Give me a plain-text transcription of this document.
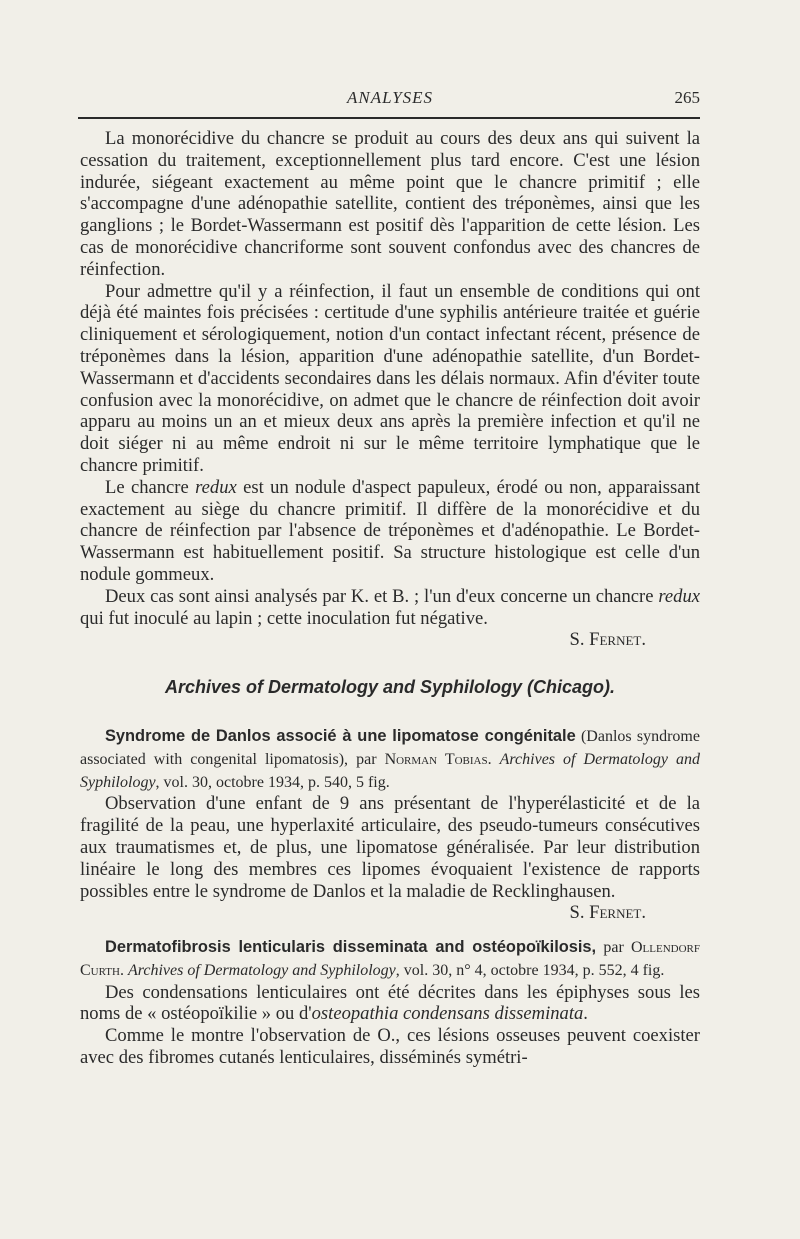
ANALYSES	265

La monorécidive du chancre se produit au cours des deux ans qui suivent la cessation du traitement, exceptionnellement plus tard encore. C'est une lésion indurée, siégeant exactement au même point que le chancre primitif ; elle s'accompagne d'une adénopathie satellite, contient des tréponèmes, ainsi que les ganglions ; le Bordet-Wassermann est positif dès l'apparition de cette lésion. Les cas de monorécidive chancriforme sont souvent confondus avec des chancres de réinfection.

Pour admettre qu'il y a réinfection, il faut un ensemble de conditions qui ont déjà été maintes fois précisées : certitude d'une syphilis antérieure traitée et guérie cliniquement et sérologiquement, notion d'un contact infectant récent, présence de tréponèmes dans la lésion, apparition d'une adénopathie satellite, d'un Bordet-Wassermann et d'accidents secondaires dans les délais normaux. Afin d'éviter toute confusion avec la monorécidive, on admet que le chancre de réinfection doit avoir apparu au moins un an et mieux deux ans après la première infection et qu'il ne doit siéger ni au même endroit ni sur le même territoire lymphatique que le chancre primitif.

Le chancre redux est un nodule d'aspect papuleux, érodé ou non, apparaissant exactement au siège du chancre primitif. Il diffère de la monorécidive et du chancre de réinfection par l'absence de tréponèmes et d'adénopathie. Le Bordet-Wassermann est habituellement positif. Sa structure histologique est celle d'un nodule gommeux.

Deux cas sont ainsi analysés par K. et B. ; l'un d'eux concerne un chancre redux qui fut inoculé au lapin ; cette inoculation fut négative.

S. Fernet.

Archives of Dermatology and Syphilology (Chicago).

Syndrome de Danlos associé à une lipomatose congénitale (Danlos syndrome associated with congenital lipomatosis), par Norman Tobias. Archives of Dermatology and Syphilology, vol. 30, octobre 1934, p. 540, 5 fig.

Observation d'une enfant de 9 ans présentant de l'hyperélasticité et de la fragilité de la peau, une hyperlaxité articulaire, des pseudo-tumeurs consécutives aux traumatismes et, de plus, une lipomatose généralisée. Par leur distribution linéaire le long des membres ces lipomes évoquaient l'existence de rapports possibles entre le syndrome de Danlos et la maladie de Recklinghausen.

S. Fernet.

Dermatofibrosis lenticularis disseminata and ostéopoïkilosis, par Ollendorf Curth. Archives of Dermatology and Syphilology, vol. 30, n° 4, octobre 1934, p. 552, 4 fig.

Des condensations lenticulaires ont été décrites dans les épiphyses sous les noms de « ostéopoïkilie » ou d'osteopathia condensans disseminata.

Comme le montre l'observation de O., ces lésions osseuses peuvent coexister avec des fibromes cutanés lenticulaires, disséminés symétri-
